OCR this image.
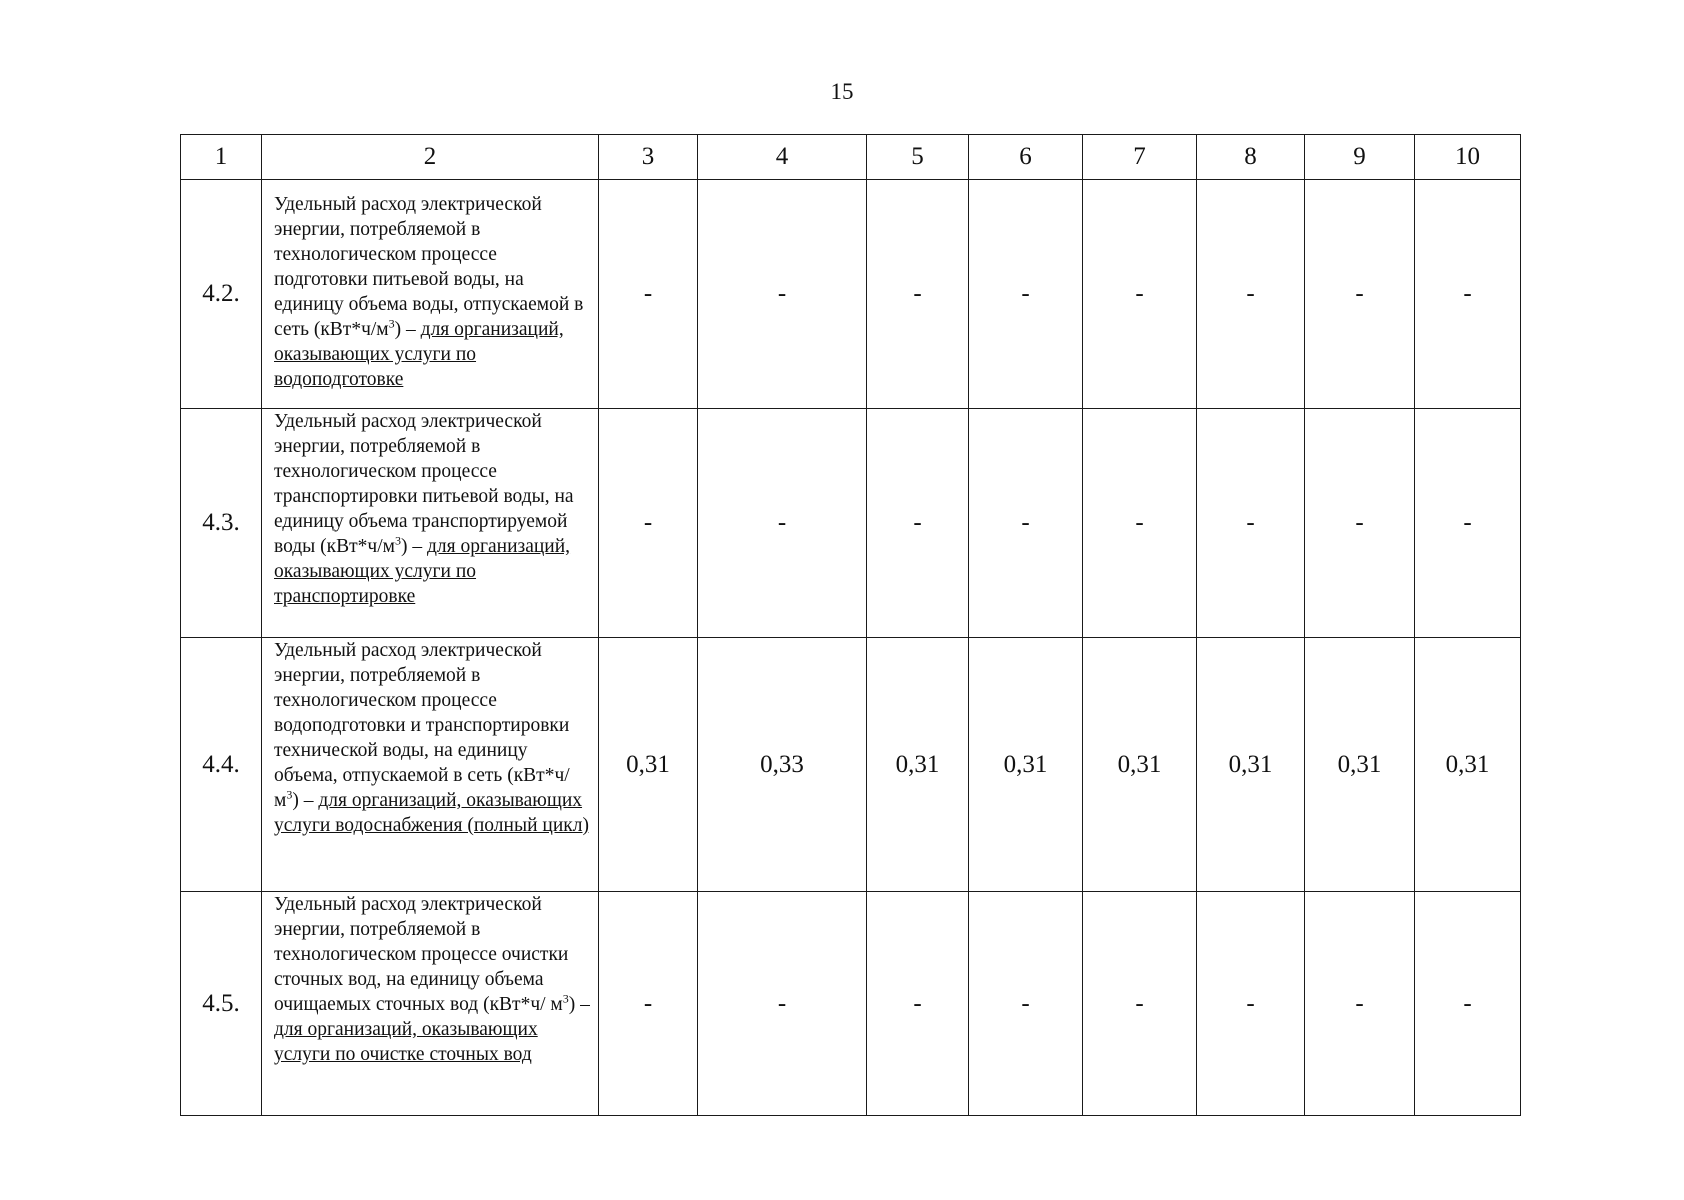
15
1	2	3	4	5	6	7	8	9	10
4.2.	Удельный расход электрической энергии, потребляемой в технологическом процессе подготовки питьевой воды, на единицу объема воды, отпускаемой в сеть $(кВт*ч/м^3)$ – для организаций, оказывающих услуги по водоподготовке	-	-	-	-	-	-	-	-
4.3.	Удельный расход электрической энергии, потребляемой в технологическом процессе транспортировки питьевой воды, на единицу объема транспортируемой воды $(кВт*ч/м^3)$ – для организаций, оказывающих услуги по транспортировке	-	-	-	-	-	-	-	-
4.4.	Удельный расход электрической энергии, потребляемой в технологическом процессе водоподготовки и транспортировки технической воды, на единицу объема, отпускаемой в сеть $(кВт*ч/м^3)$ – для организаций, оказывающих услуги водоснабжения (полный цикл)	0,31	0,33	0,31	0,31	0,31	0,31	0,31	0,31
4.5.	Удельный расход электрической энергии, потребляемой в технологическом процессе очистки сточных вод, на единицу объема очищаемых сточных вод (кВт*ч/ $м^3$) – для организаций, оказывающих услуги по очистке сточных вод	-	-	-	-	-	-	-	-
